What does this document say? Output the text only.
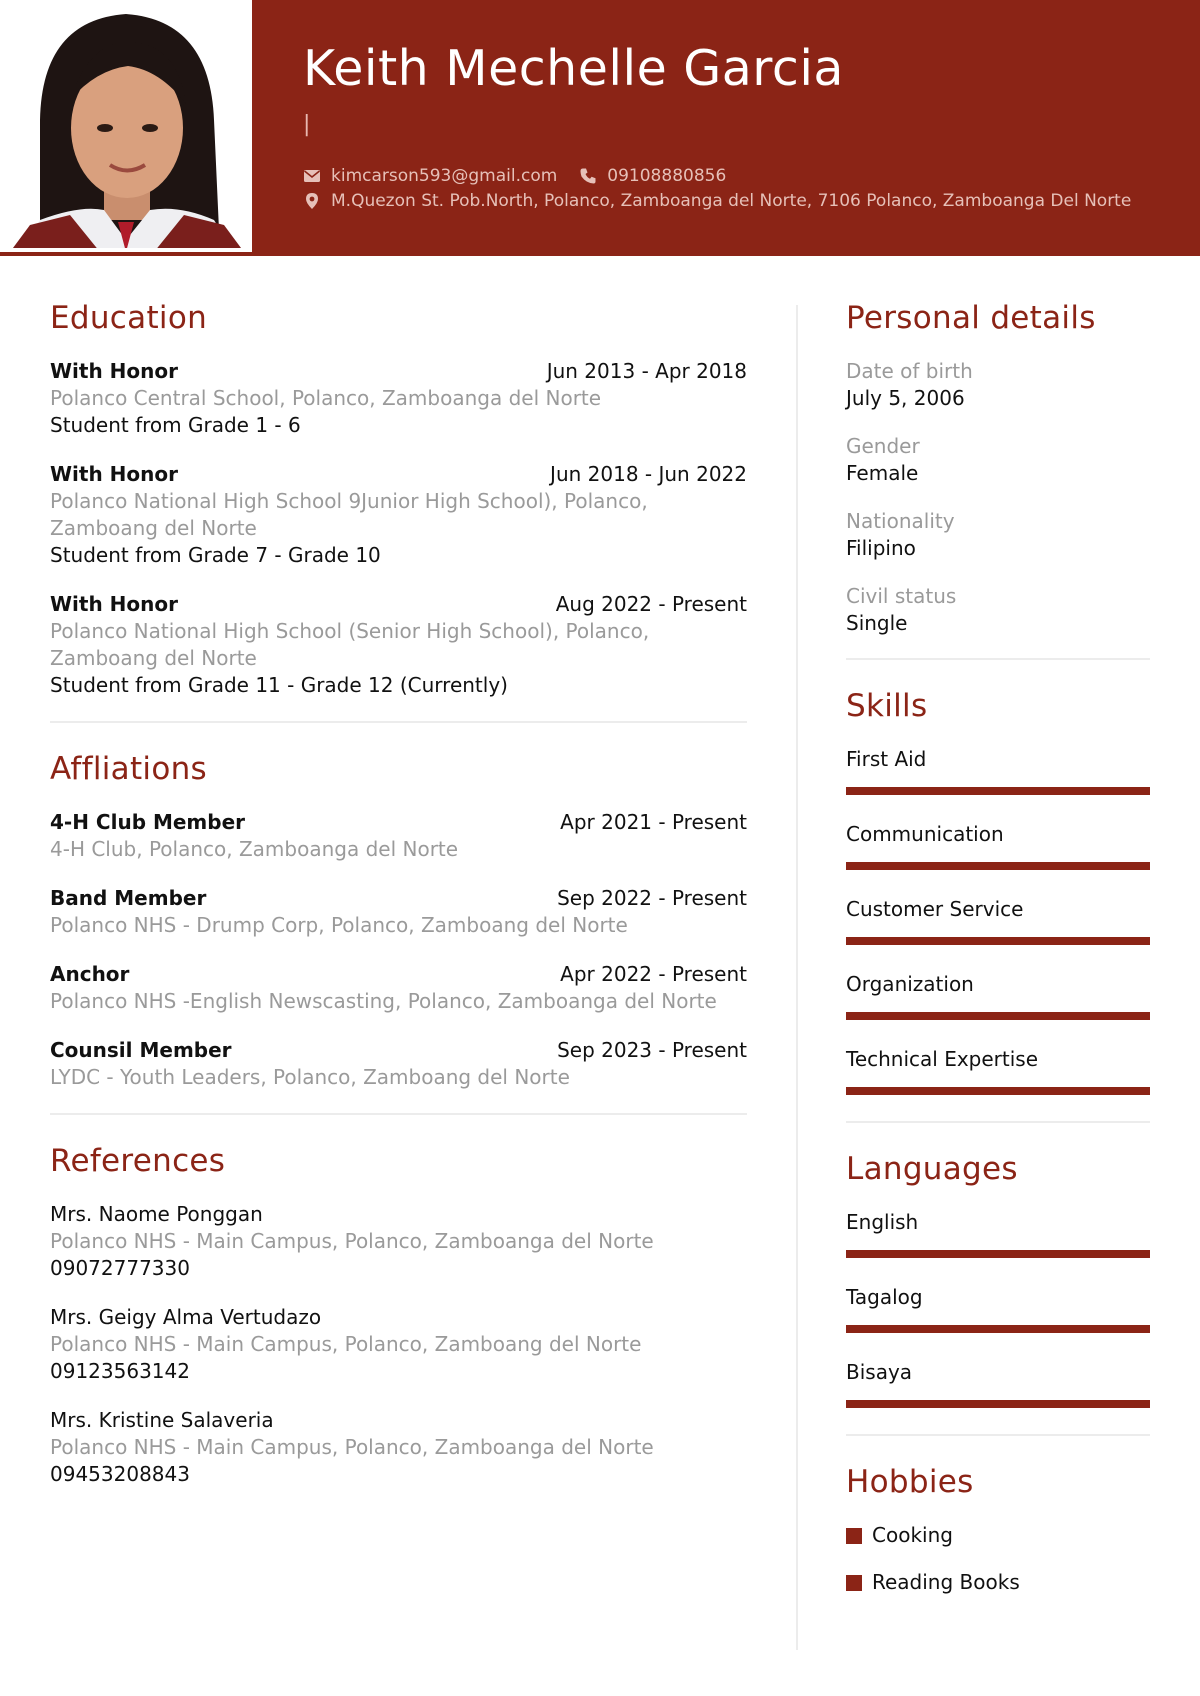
Keith Mechelle Garcia
|
kimcarson593@gmail.com	09108880856
M.Quezon St. Pob.North, Polanco, Zamboanga del Norte, 7106 Polanco, Zamboanga Del Norte
Education
With Honor	Jun 2013 - Apr 2018
Polanco Central School, Polanco, Zamboanga del Norte
Student from Grade 1 - 6
With Honor	Jun 2018 - Jun 2022
Polanco National High School 9Junior High School), Polanco, Zamboang del Norte
Student from Grade 7 - Grade 10
With Honor	Aug 2022 - Present
Polanco National High School (Senior High School), Polanco, Zamboang del Norte
Student from Grade 11 - Grade 12 (Currently)
Affliations
4-H Club Member	Apr 2021 - Present
4-H Club, Polanco, Zamboanga del Norte
Band Member	Sep 2022 - Present
Polanco NHS - Drump Corp, Polanco, Zamboang del Norte
Anchor	Apr 2022 - Present
Polanco NHS -English Newscasting, Polanco, Zamboanga del Norte
Counsil Member	Sep 2023 - Present
LYDC - Youth Leaders, Polanco, Zamboang del Norte
References
Mrs. Naome Ponggan
Polanco NHS - Main Campus, Polanco, Zamboanga del Norte
09072777330
Mrs. Geigy Alma Vertudazo
Polanco NHS - Main Campus, Polanco, Zamboang del Norte
09123563142
Mrs. Kristine Salaveria
Polanco NHS - Main Campus, Polanco, Zamboanga del Norte
09453208843
Personal details
Date of birth
July 5, 2006
Gender
Female
Nationality
Filipino
Civil status
Single
Skills
First Aid
Communication
Customer Service
Organization
Technical Expertise
Languages
English
Tagalog
Bisaya
Hobbies
Cooking
Reading Books
